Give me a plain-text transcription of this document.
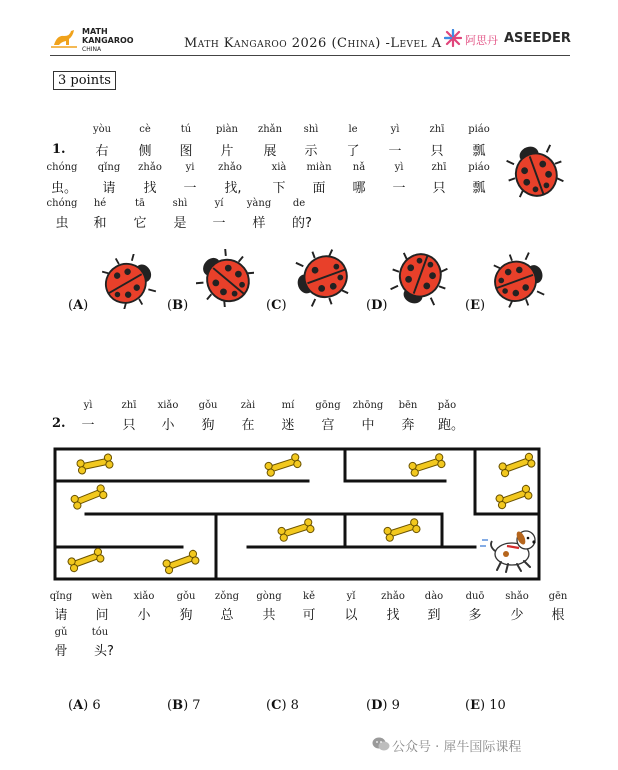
MATH
KANGAROO
CHINA	Math Kangaroo 2026 (China) -Level A 阿思丹 ASEEDER
3 points
1.
yòu	cè	tú piàn zhǎn shì	le	yì	zhī piáo
右 侧 图 片 展 示 了 一 只 瓢
chóng qǐng zhǎo yi zhǎo	xià miàn nǎ	yì	zhī piáo
虫。 请 找 一 找, 下 面 哪 一 只 瓢
chóng hé	tā	shì	yí yàng de
虫 和 它 是 一 样 的?
(A)	(B)	(C)	(D)	(E)
2.
yì	zhī xiǎo gǒu zài	mí gōng zhōng bēn pǎo
一 只 小 狗 在 迷 宫 中 奔 跑。
qǐng wèn xiǎo gǒu zǒng gòng kě	yǐ	zhǎo dào duō shǎo gēn
请 问 小 狗 总 共 可 以 找 到 多 少 根
gǔ tóu
骨 头?
(A) 6	(B) 7	(C) 8	(D) 9	(E) 10
公众号 · 犀牛国际课程
